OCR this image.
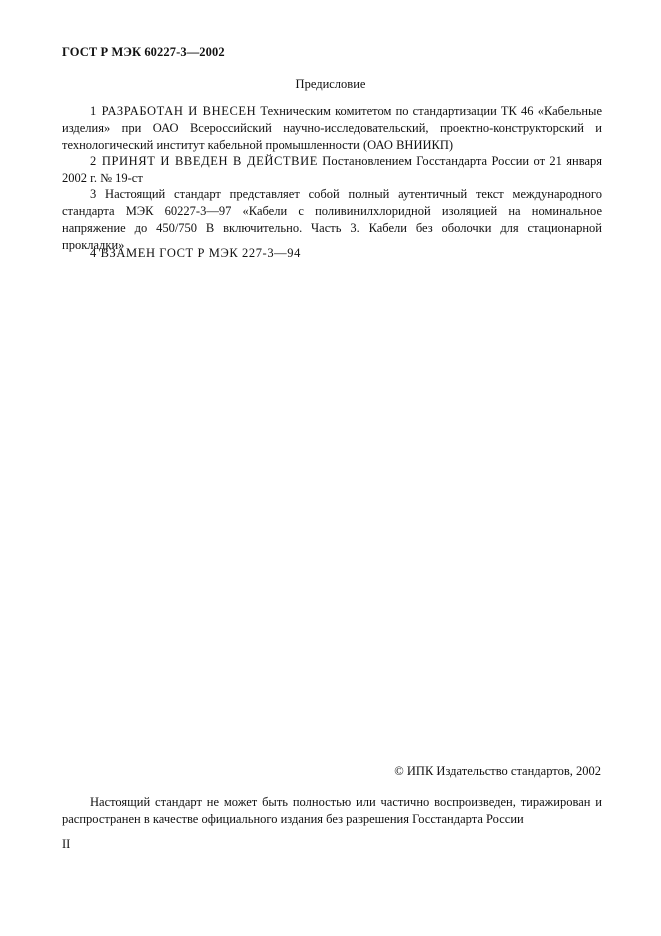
ГОСТ Р МЭК 60227-3—2002
Предисловие
1 РАЗРАБОТАН И ВНЕСЕН Техническим комитетом по стандартизации ТК 46 «Кабельные изделия» при ОАО Всероссийский научно-исследовательский, проектно-конструкторский и технологический институт кабельной промышленности (ОАО ВНИИКП)
2 ПРИНЯТ И ВВЕДЕН В ДЕЙСТВИЕ Постановлением Госстандарта России от 21 января 2002 г. № 19-ст
3 Настоящий стандарт представляет собой полный аутентичный текст международного стандарта МЭК 60227-3—97 «Кабели с поливинилхлоридной изоляцией на номинальное напряжение до 450/750 В включительно. Часть 3. Кабели без оболочки для стационарной прокладки»
4 ВЗАМЕН ГОСТ Р МЭК 227-3—94
© ИПК Издательство стандартов, 2002
Настоящий стандарт не может быть полностью или частично воспроизведен, тиражирован и распространен в качестве официального издания без разрешения Госстандарта России
II
